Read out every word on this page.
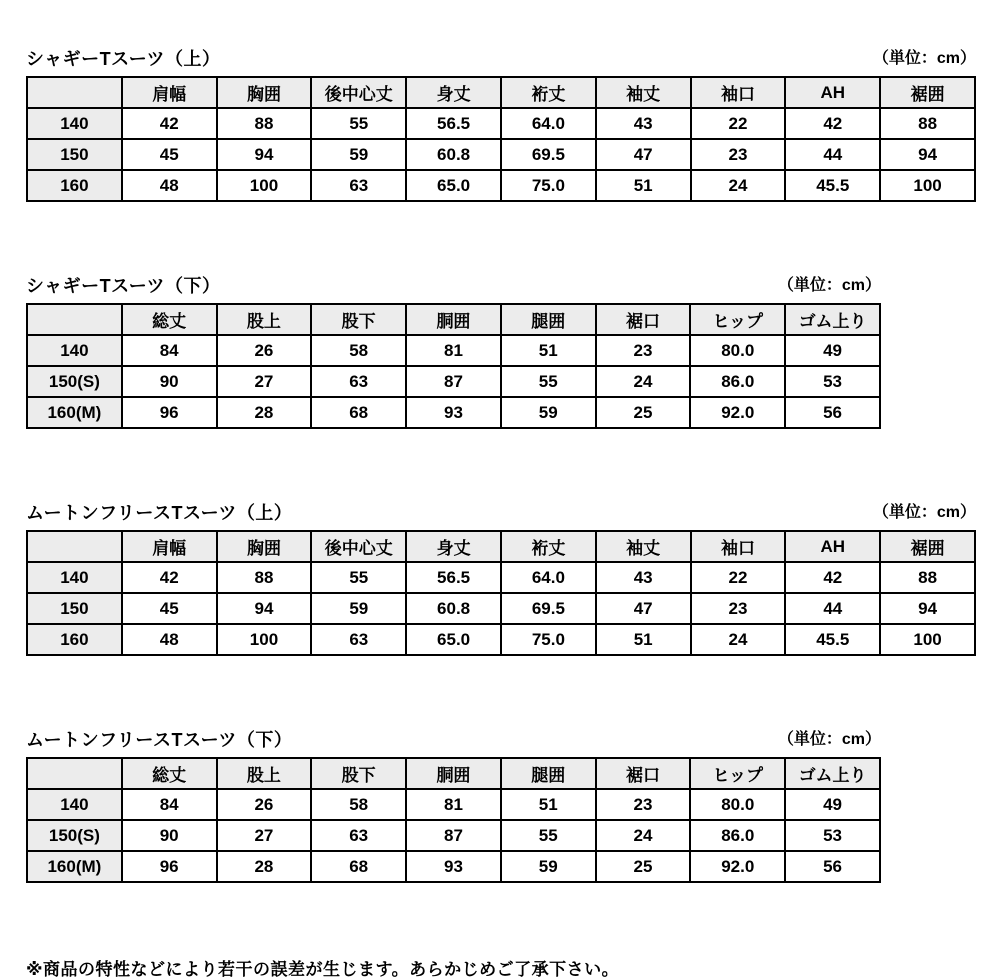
シャギーTスーツ（上）	（単位：cm）
	肩幅	胸囲	後中心丈	身丈	裄丈	袖丈	袖口	AH	裾囲
140	42	88	55	56.5	64.0	43	22	42	88
150	45	94	59	60.8	69.5	47	23	44	94
160	48	100	63	65.0	75.0	51	24	45.5	100
シャギーTスーツ（下）	（単位：cm）
	総丈	股上	股下	胴囲	腿囲	裾口	ヒップ	ゴム上り
140	84	26	58	81	51	23	80.0	49
150(S)	90	27	63	87	55	24	86.0	53
160(M)	96	28	68	93	59	25	92.0	56
ムートンフリースTスーツ（上）	（単位：cm）
	肩幅	胸囲	後中心丈	身丈	裄丈	袖丈	袖口	AH	裾囲
140	42	88	55	56.5	64.0	43	22	42	88
150	45	94	59	60.8	69.5	47	23	44	94
160	48	100	63	65.0	75.0	51	24	45.5	100
ムートンフリースTスーツ（下）	（単位：cm）
	総丈	股上	股下	胴囲	腿囲	裾口	ヒップ	ゴム上り
140	84	26	58	81	51	23	80.0	49
150(S)	90	27	63	87	55	24	86.0	53
160(M)	96	28	68	93	59	25	92.0	56
※商品の特性などにより若干の誤差が生じます。あらかじめご了承下さい。
